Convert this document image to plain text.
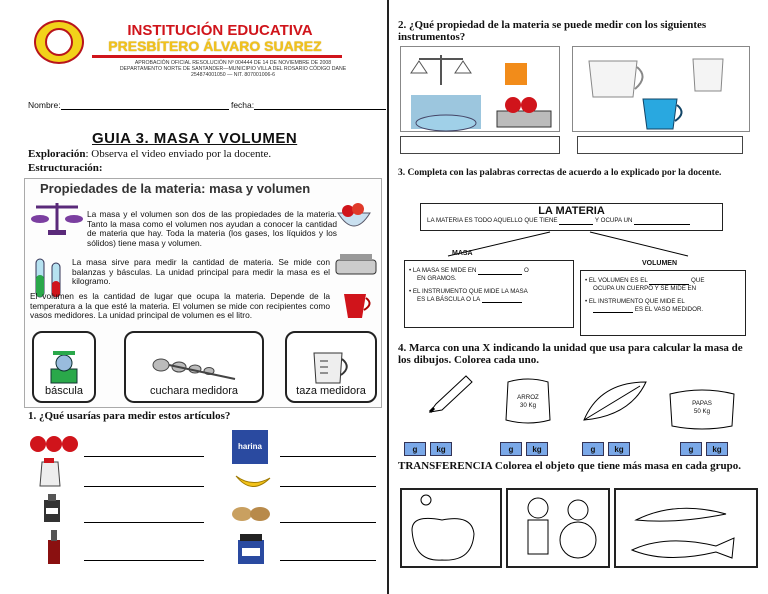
INSTITUCIÓN EDUCATIVA
PRESBÍTERO ÁLVARO SUAREZ
APROBACIÓN OFICIAL RESOLUCIÓN Nº 004444 DE 14 DE NOVIEMBRE DE 2008
DEPARTAMENTO NORTE DE SANTANDER—MUNICIPIO VILLA DEL ROSARIO CÓDIGO DANE
254874001050 — NIT. 807001006-6
Nombre:	fecha:
GUIA 3. MASA Y VOLUMEN
Exploración: Observa el video enviado por la docente.
Estructuración:
Propiedades de la materia: masa y volumen
La masa y el volumen son dos de las propiedades de la materia. Tanto la masa como el volumen nos ayudan a conocer la cantidad de materia que hay. Toda la materia (los gases, los líquidos y los sólidos) tiene masa y volumen.
La masa sirve para medir la cantidad de materia. Se mide con balanzas y básculas. La unidad principal para medir la masa es el kilogramo.
El volumen es la cantidad de lugar que ocupa la materia. Depende de la temperatura a la que esté la materia. El volumen se mide con recipientes como vasos medidores. La unidad principal de volumen es el litro.
báscula	cuchara medidora	taza medidora
1. ¿Qué usarías para medir estos artículos?
harina
2. ¿Qué propiedad de la materia se puede medir con los siguientes instrumentos?
3. Completa con las palabras correctas de acuerdo a lo explicado por la docente.
LA MATERIA
LA MATERIA ES TODO AQUELLO QUE TIENE	Y OCUPA UN
MASA
VOLUMEN
• LA MASA SE MIDE EN	O
EN GRAMOS.
• EL INSTRUMENTO QUE MIDE LA MASA
ES LA BÁSCULA O LA
• EL VOLUMEN ES EL	QUE
OCUPA UN CUERPO Y SE MIDE EN
• EL INSTRUMENTO QUE MIDE EL
ES EL VASO MEDIDOR.
4. Marca con una X indicando la unidad que usa para calcular la masa de los dibujos. Colorea cada uno.
ARROZ
30 Kg	PAPAS
50 Kg
g	kg	g	kg	g	kg	g	kg
TRANSFERENCIA Colorea el objeto que tiene más masa en cada grupo.
